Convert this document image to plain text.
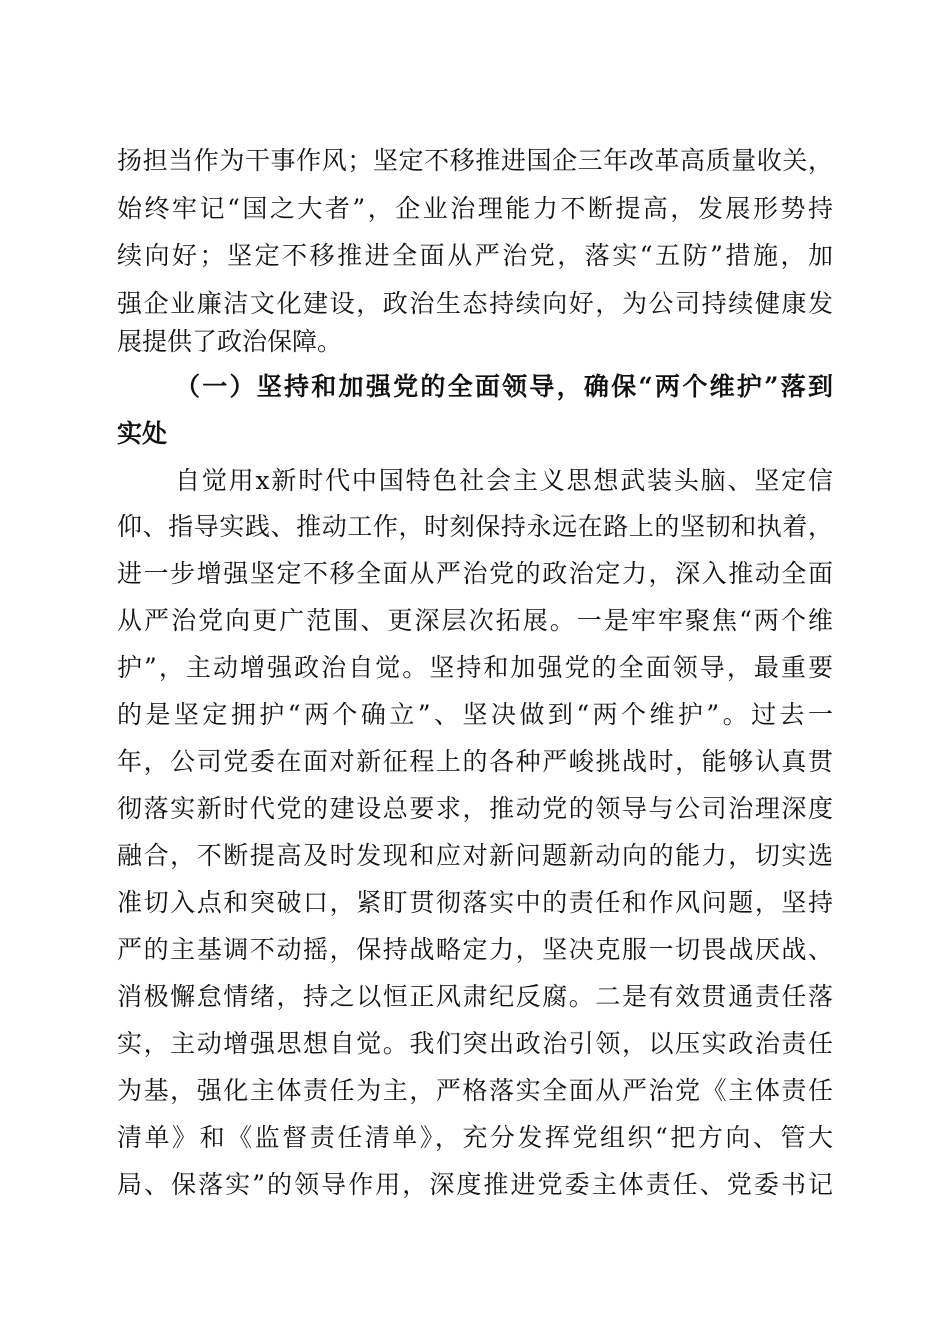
扬担当作为干事作风；坚定不移推进国企三年改革高质量收关，
始终牢记“国之大者”，企业治理能力不断提高，发展形势持
续向好；坚定不移推进全面从严治党，落实“五防”措施，加
强企业廉洁文化建设，政治生态持续向好，为公司持续健康发
展提供了政治保障。
（一）坚持和加强党的全面领导，确保“两个维护”落到
实处
自觉用x新时代中国特色社会主义思想武装头脑、坚定信
仰、指导实践、推动工作，时刻保持永远在路上的坚韧和执着，
进一步增强坚定不移全面从严治党的政治定力，深入推动全面
从严治党向更广范围、更深层次拓展。一是牢牢聚焦“两个维
护”，主动增强政治自觉。坚持和加强党的全面领导，最重要
的是坚定拥护“两个确立”、坚决做到“两个维护”。过去一
年，公司党委在面对新征程上的各种严峻挑战时，能够认真贯
彻落实新时代党的建设总要求，推动党的领导与公司治理深度
融合，不断提高及时发现和应对新问题新动向的能力，切实选
准切入点和突破口，紧盯贯彻落实中的责任和作风问题，坚持
严的主基调不动摇，保持战略定力，坚决克服一切畏战厌战、
消极懈怠情绪，持之以恒正风肃纪反腐。二是有效贯通责任落
实，主动增强思想自觉。我们突出政治引领，以压实政治责任
为基，强化主体责任为主，严格落实全面从严治党《主体责任
清单》和《监督责任清单》，充分发挥党组织“把方向、管大
局、保落实”的领导作用，深度推进党委主体责任、党委书记
